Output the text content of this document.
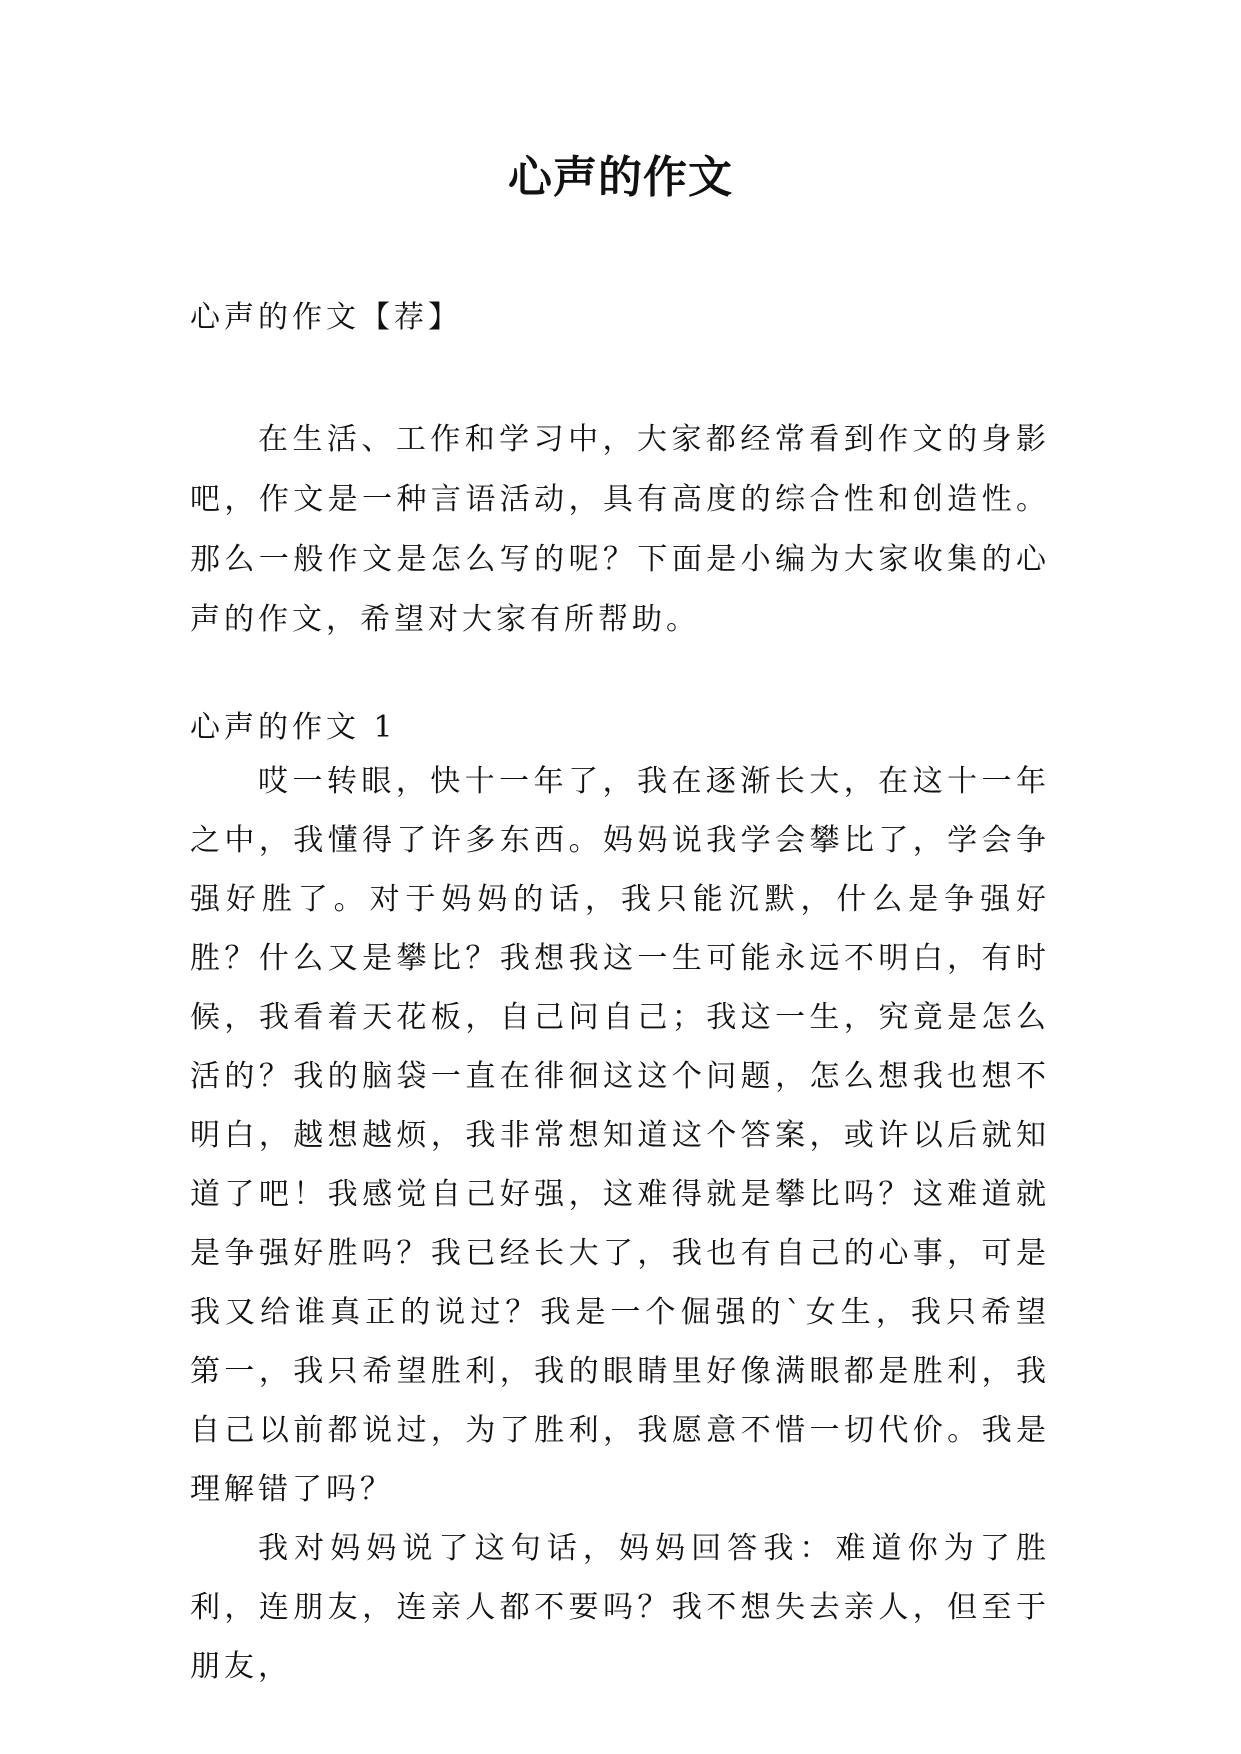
心声的作文
心声的作文【荐】

在生活、工作和学习中，大家都经常看到作文的身影吧，作文是一种言语活动，具有高度的综合性和创造性。那么一般作文是怎么写的呢？下面是小编为大家收集的心声的作文，希望对大家有所帮助。

心声的作文 1

哎一转眼，快十一年了，我在逐渐长大，在这十一年之中，我懂得了许多东西。妈妈说我学会攀比了，学会争强好胜了。对于妈妈的话，我只能沉默，什么是争强好胜？什么又是攀比？我想我这一生可能永远不明白，有时候，我看着天花板，自己问自己；我这一生，究竟是怎么活的？我的脑袋一直在徘徊这这个问题，怎么想我也想不明白，越想越烦，我非常想知道这个答案，或许以后就知道了吧！我感觉自己好强，这难得就是攀比吗？这难道就是争强好胜吗？我已经长大了，我也有自己的心事，可是我又给谁真正的说过？我是一个倔强的`女生，我只希望第一，我只希望胜利，我的眼睛里好像满眼都是胜利，我自己以前都说过，为了胜利，我愿意不惜一切代价。我是理解错了吗？

我对妈妈说了这句话，妈妈回答我：难道你为了胜利，连朋友，连亲人都不要吗？我不想失去亲人，但至于朋友，
